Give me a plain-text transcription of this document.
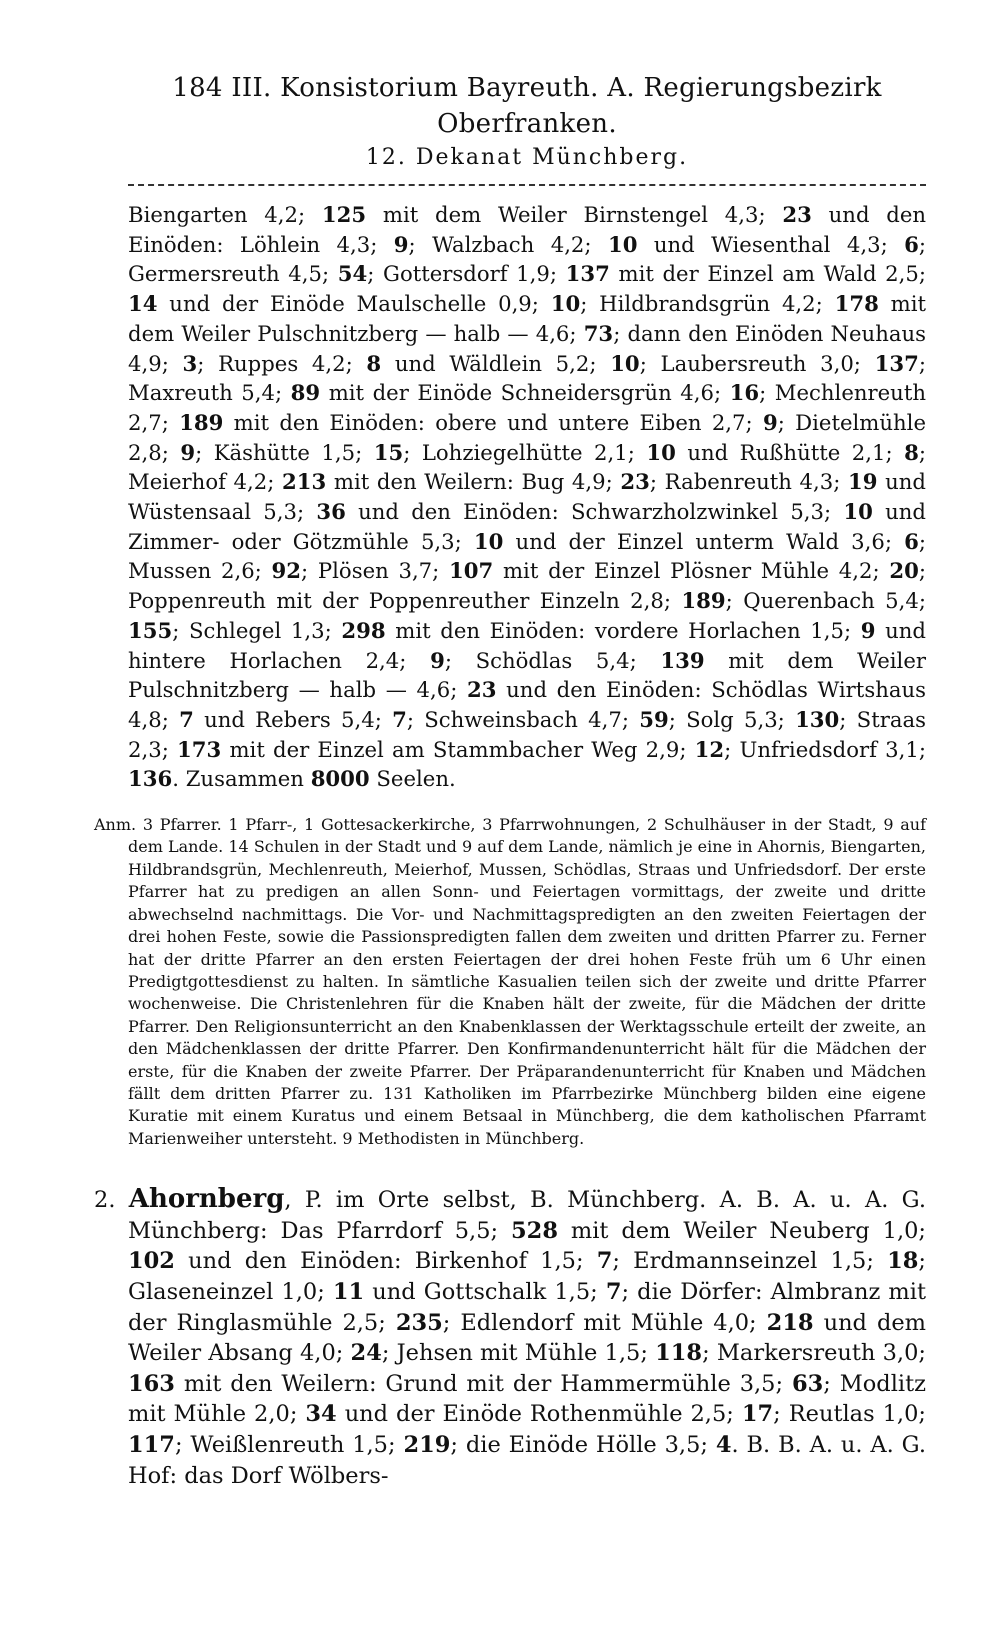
184 III. Konsistorium Bayreuth. A. Regierungsbezirk Oberfranken.
12. Dekanat Münchberg.
Biengarten 4,2; 125 mit dem Weiler Birnstengel 4,3; 23 und den Einöden: Löhlein 4,3; 9; Walzbach 4,2; 10 und Wiesenthal 4,3; 6; Germersreuth 4,5; 54; Gottersdorf 1,9; 137 mit der Einzel am Wald 2,5; 14 und der Einöde Maulschelle 0,9; 10; Hildbrandsgrün 4,2; 178 mit dem Weiler Pulschnitzberg — halb — 4,6; 73; dann den Einöden Neuhaus 4,9; 3; Ruppes 4,2; 8 und Wäldlein 5,2; 10; Laubersreuth 3,0; 137; Maxreuth 5,4; 89 mit der Einöde Schneidersgrün 4,6; 16; Mechlenreuth 2,7; 189 mit den Einöden: obere und untere Eiben 2,7; 9; Dietelmühle 2,8; 9; Käshütte 1,5; 15; Lohziegelhütte 2,1; 10 und Rußhütte 2,1; 8; Meierhof 4,2; 213 mit den Weilern: Bug 4,9; 23; Rabenreuth 4,3; 19 und Wüstensaal 5,3; 36 und den Einöden: Schwarzholzwinkel 5,3; 10 und Zimmer- oder Götzmühle 5,3; 10 und der Einzel unterm Wald 3,6; 6; Mussen 2,6; 92; Plösen 3,7; 107 mit der Einzel Plösner Mühle 4,2; 20; Poppenreuth mit der Poppenreuther Einzeln 2,8; 189; Querenbach 5,4; 155; Schlegel 1,3; 298 mit den Einöden: vordere Horlachen 1,5; 9 und hintere Horlachen 2,4; 9; Schödlas 5,4; 139 mit dem Weiler Pulschnitzberg — halb — 4,6; 23 und den Einöden: Schödlas Wirtshaus 4,8; 7 und Rebers 5,4; 7; Schweinsbach 4,7; 59; Solg 5,3; 130; Straas 2,3; 173 mit der Einzel am Stammbacher Weg 2,9; 12; Unfriedsdorf 3,1; 136. Zusammen 8000 Seelen.
Anm. 3 Pfarrer. 1 Pfarr-, 1 Gottesackerkirche, 3 Pfarrwohnungen, 2 Schulhäuser in der Stadt, 9 auf dem Lande. 14 Schulen in der Stadt und 9 auf dem Lande, nämlich je eine in Ahornis, Biengarten, Hildbrandsgrün, Mechlenreuth, Meierhof, Mussen, Schödlas, Straas und Unfriedsdorf. Der erste Pfarrer hat zu predigen an allen Sonn- und Feiertagen vormittags, der zweite und dritte abwechselnd nachmittags. Die Vor- und Nachmittagspredigten an den zweiten Feiertagen der drei hohen Feste, sowie die Passionspredigten fallen dem zweiten und dritten Pfarrer zu. Ferner hat der dritte Pfarrer an den ersten Feiertagen der drei hohen Feste früh um 6 Uhr einen Predigtgottesdienst zu halten. In sämtliche Kasualien teilen sich der zweite und dritte Pfarrer wochenweise. Die Christenlehren für die Knaben hält der zweite, für die Mädchen der dritte Pfarrer. Den Religionsunterricht an den Knabenklassen der Werktagsschule erteilt der zweite, an den Mädchenklassen der dritte Pfarrer. Den Konfirmandenunterricht hält für die Mädchen der erste, für die Knaben der zweite Pfarrer. Der Präparandenunterricht für Knaben und Mädchen fällt dem dritten Pfarrer zu. 131 Katholiken im Pfarrbezirke Münchberg bilden eine eigene Kuratie mit einem Kuratus und einem Betsaal in Münchberg, die dem katholischen Pfarramt Marienweiher untersteht. 9 Methodisten in Münchberg.
2. Ahornberg, P. im Orte selbst, B. Münchberg. A. B. A. u. A. G. Münchberg: Das Pfarrdorf 5,5; 528 mit dem Weiler Neuberg 1,0; 102 und den Einöden: Birkenhof 1,5; 7; Erdmannseinzel 1,5; 18; Glaseneinzel 1,0; 11 und Gottschalk 1,5; 7; die Dörfer: Almbranz mit der Ringlasmühle 2,5; 235; Edlendorf mit Mühle 4,0; 218 und dem Weiler Absang 4,0; 24; Jehsen mit Mühle 1,5; 118; Markersreuth 3,0; 163 mit den Weilern: Grund mit der Hammermühle 3,5; 63; Modlitz mit Mühle 2,0; 34 und der Einöde Rothenmühle 2,5; 17; Reutlas 1,0; 117; Weißlenreuth 1,5; 219; die Einöde Hölle 3,5; 4. B. B. A. u. A. G. Hof: das Dorf Wölbers-
